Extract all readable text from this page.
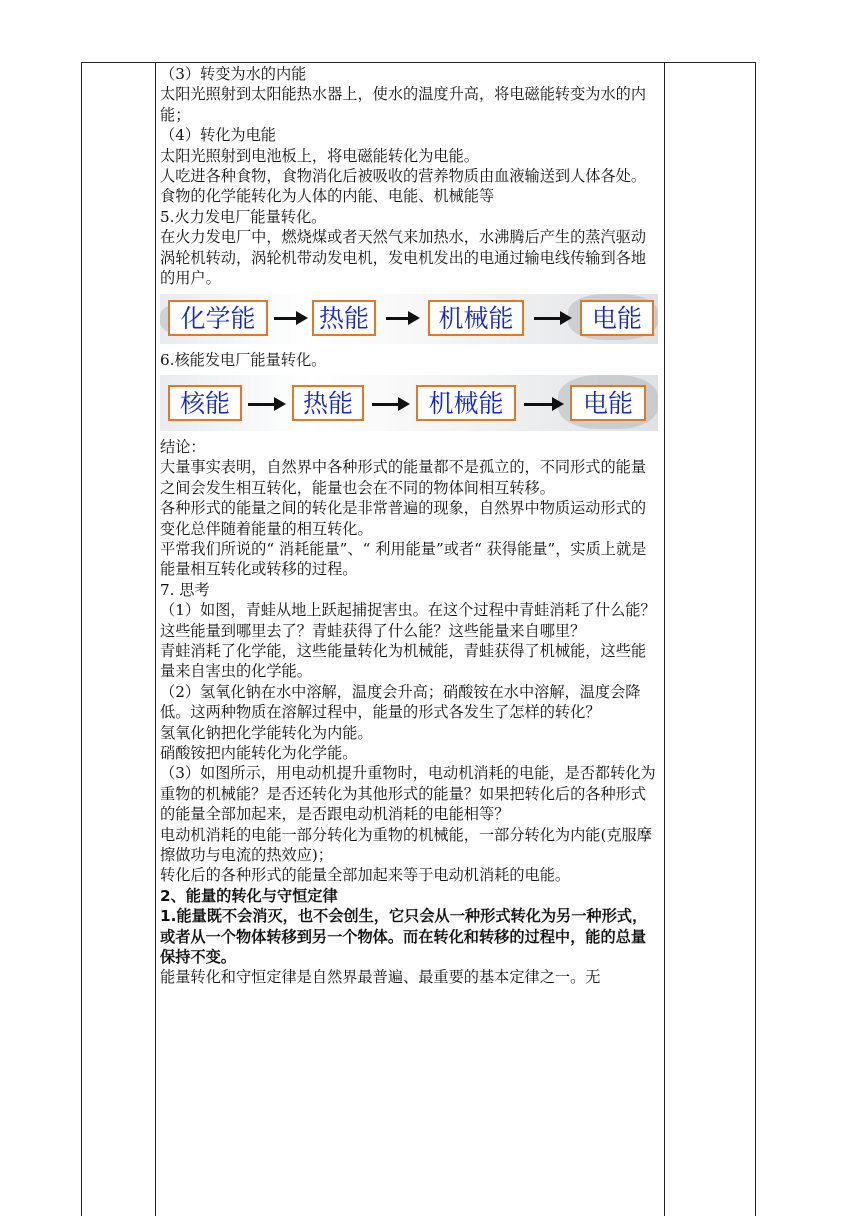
（3）转变为水的内能

太阳光照射到太阳能热水器上，使水的温度升高，将电磁能转变为水的内能；

（4）转化为电能

太阳光照射到电池板上，将电磁能转化为电能。

人吃进各种食物，食物消化后被吸收的营养物质由血液输送到人体各处。食物的化学能转化为人体的内能、电能、机械能等

5.火力发电厂能量转化。

在火力发电厂中，燃烧煤或者天然气来加热水，水沸腾后产生的蒸汽驱动涡轮机转动，涡轮机带动发电机，发电机发出的电通过输电线传输到各地的用户。

化学能	热能	机械能	电能

6.核能发电厂能量转化。

核能	热能	机械能	电能

结论：

大量事实表明，自然界中各种形式的能量都不是孤立的，不同形式的能量之间会发生相互转化，能量也会在不同的物体间相互转移。

各种形式的能量之间的转化是非常普遍的现象，自然界中物质运动形式的变化总伴随着能量的相互转化。

平常我们所说的“ 消耗能量”、“ 利用能量”或者“ 获得能量”，实质上就是能量相互转化或转移的过程。

7. 思考

（1）如图，青蛙从地上跃起捕捉害虫。在这个过程中青蛙消耗了什么能？这些能量到哪里去了？青蛙获得了什么能？这些能量来自哪里？

青蛙消耗了化学能，这些能量转化为机械能，青蛙获得了机械能，这些能量来自害虫的化学能。

（2）氢氧化钠在水中溶解，温度会升高；硝酸铵在水中溶解，温度会降低。这两种物质在溶解过程中，能量的形式各发生了怎样的转化？

氢氧化钠把化学能转化为内能。

硝酸铵把内能转化为化学能。

（3）如图所示，用电动机提升重物时，电动机消耗的电能，是否都转化为重物的机械能？是否还转化为其他形式的能量？如果把转化后的各种形式的能量全部加起来，是否跟电动机消耗的电能相等？

电动机消耗的电能一部分转化为重物的机械能，一部分转化为内能(克服摩擦做功与电流的热效应)；

转化后的各种形式的能量全部加起来等于电动机消耗的电能。

2、能量的转化与守恒定律

1.能量既不会消灭，也不会创生，它只会从一种形式转化为另一种形式，或者从一个物体转移到另一个物体。而在转化和转移的过程中，能的总量保持不变。

能量转化和守恒定律是自然界最普遍、最重要的基本定律之一。无
